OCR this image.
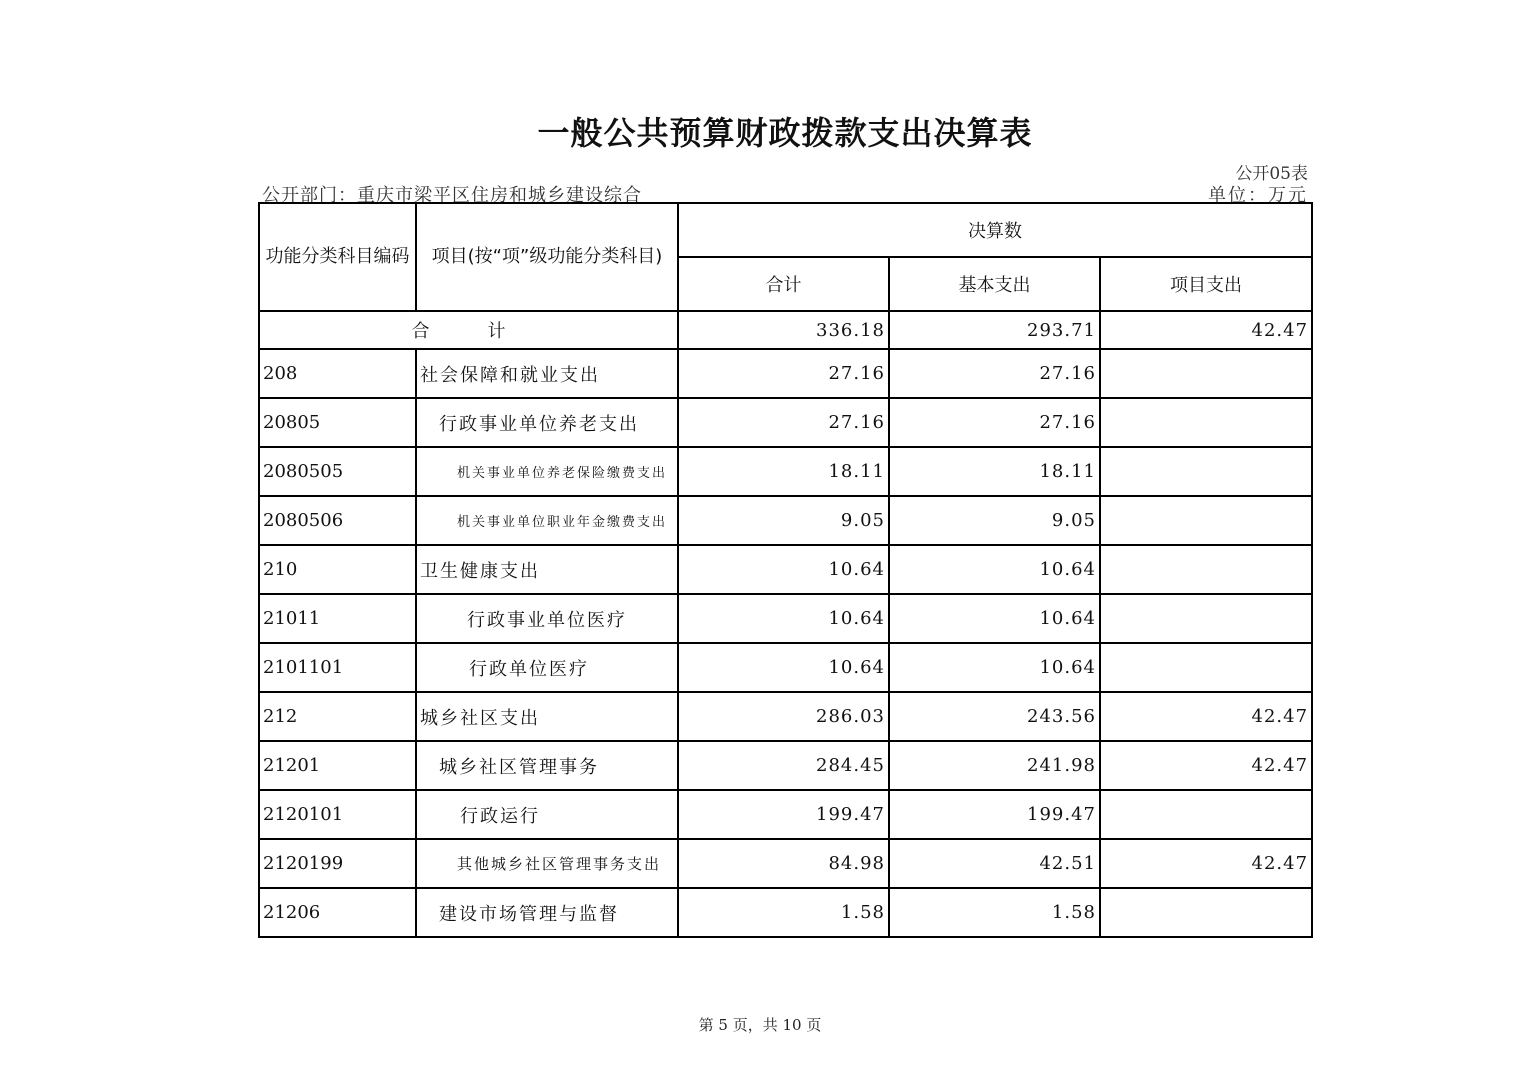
一般公共预算财政拨款支出决算表
公开05表
公开部门：重庆市梁平区住房和城乡建设综合	单位：万元
功能分类科目编码	项目(按“项”级功能分类科目)	决算数		
		合计	基本支出	项目支出
合　计		336.18	293.71	42.47
208	社会保障和就业支出	27.16	27.16	
20805	行政事业单位养老支出	27.16	27.16	
2080505	机关事业单位养老保险缴费支出	18.11	18.11	
2080506	机关事业单位职业年金缴费支出	9.05	9.05	
210	卫生健康支出	10.64	10.64	
21011	行政事业单位医疗	10.64	10.64	
2101101	行政单位医疗	10.64	10.64	
212	城乡社区支出	286.03	243.56	42.47
21201	城乡社区管理事务	284.45	241.98	42.47
2120101	行政运行	199.47	199.47	
2120199	其他城乡社区管理事务支出	84.98	42.51	42.47
21206	建设市场管理与监督	1.58	1.58	
第 5 页，共 10 页
